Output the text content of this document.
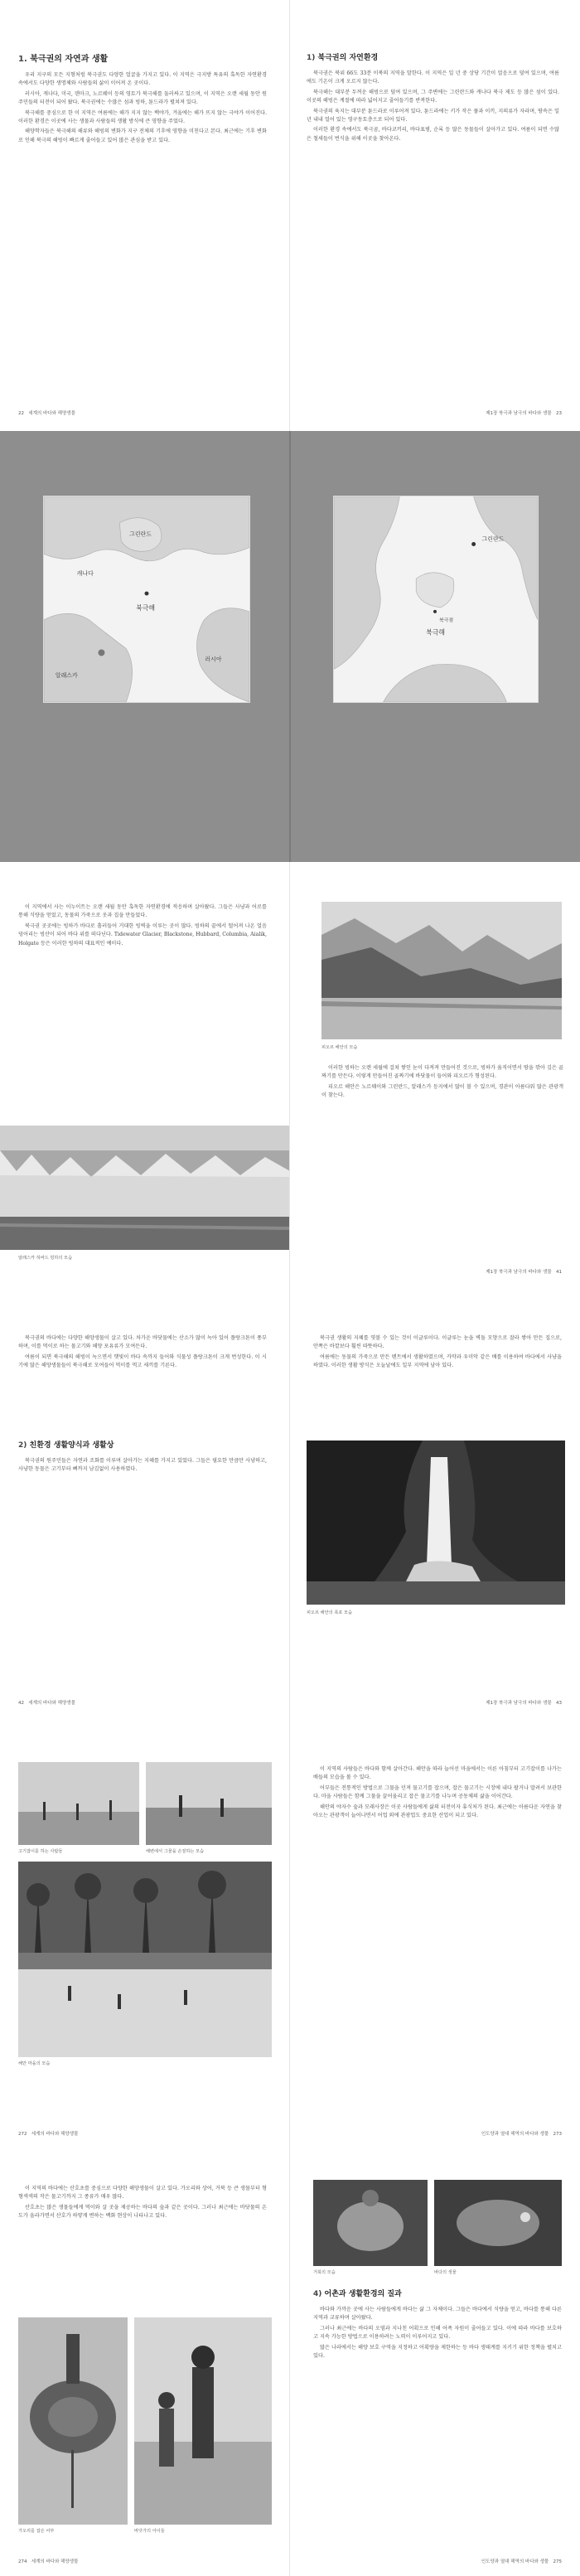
1. 북극권의 자연과 생활

우리 지구의 모든 지형처럼 북극권도 다양한 얼굴을 가지고 있다. 이 지역은 극지방 특유의 혹독한 자연환경 속에서도 다양한 생명체와 사람들의 삶이 이어져 온 곳이다.

러시아, 캐나다, 미국, 덴마크, 노르웨이 등의 영토가 북극해를 둘러싸고 있으며, 이 지역은 오랜 세월 동안 원주민들의 터전이 되어 왔다. 북극권에는 수많은 섬과 빙하, 툰드라가 펼쳐져 있다.

북극해를 중심으로 한 이 지역은 여름에는 해가 지지 않는 백야가, 겨울에는 해가 뜨지 않는 극야가 이어진다. 이러한 환경은 이곳에 사는 생물과 사람들의 생활 방식에 큰 영향을 주었다.

해양학자들은 북극해의 해류와 해빙의 변화가 지구 전체의 기후에 영향을 미친다고 본다. 최근에는 기후 변화로 인해 북극의 해빙이 빠르게 줄어들고 있어 많은 관심을 받고 있다.

22 세계의 바다와 해양생물
1) 북극권의 자연환경

북극권은 북위 66도 33분 이북의 지역을 말한다. 이 지역은 일 년 중 상당 기간이 얼음으로 덮여 있으며, 여름에도 기온이 크게 오르지 않는다.

북극해는 대부분 두꺼운 해빙으로 덮여 있으며, 그 주변에는 그린란드와 캐나다 북극 제도 등 많은 섬이 있다. 이곳의 해빙은 계절에 따라 넓어지고 줄어들기를 반복한다.

북극권의 육지는 대부분 툰드라로 이루어져 있다. 툰드라에는 키가 작은 풀과 이끼, 지의류가 자라며, 땅속은 일 년 내내 얼어 있는 영구동토층으로 되어 있다.

이러한 환경 속에서도 북극곰, 바다코끼리, 바다표범, 순록 등 많은 동물들이 살아가고 있다. 여름이 되면 수많은 철새들이 번식을 위해 이곳을 찾아온다.

제1장 북극과 남극의 바다와 생물 23
북극해
그린란드
알래스카
캐나다
러시아
북극해
그린란드
북극점

이 지역에서 사는 이누이트는 오랜 세월 동안 혹독한 자연환경에 적응하며 살아왔다. 그들은 사냥과 어로를 통해 식량을 얻었고, 동물의 가죽으로 옷과 집을 만들었다.

북극권 곳곳에는 빙하가 바다로 흘러들어 거대한 빙벽을 이루는 곳이 많다. 빙하의 끝에서 떨어져 나온 얼음 덩어리는 빙산이 되어 바다 위를 떠다닌다. Tidewater Glacier, Blackstone, Hubbard, Columbia, Aialik, Holgate 등은 이러한 빙하의 대표적인 예이다.

알래스카 허바드 빙하의 모습
피오르 해안의 모습

이러한 빙하는 오랜 세월에 걸쳐 쌓인 눈이 다져져 만들어진 것으로, 빙하가 움직이면서 땅을 깎아 깊은 골짜기를 만든다. 이렇게 만들어진 골짜기에 바닷물이 들어와 피오르가 형성된다.

피오르 해안은 노르웨이와 그린란드, 알래스카 등지에서 많이 볼 수 있으며, 경관이 아름다워 많은 관광객이 찾는다.

제1장 북극과 남극의 바다와 생물 41

북극권의 바다에는 다양한 해양생물이 살고 있다. 차가운 바닷물에는 산소가 많이 녹아 있어 플랑크톤이 풍부하며, 이를 먹이로 하는 물고기와 해양 포유류가 모여든다.

여름이 되면 북극해의 해빙이 녹으면서 햇빛이 바다 속까지 들어와 식물성 플랑크톤이 크게 번성한다. 이 시기에 많은 해양생물들이 북극해로 모여들어 먹이를 먹고 새끼를 기른다.

2) 친환경 생활양식과 생활상

북극권의 원주민들은 자연과 조화를 이루며 살아가는 지혜를 가지고 있었다. 그들은 필요한 만큼만 사냥하고, 사냥한 동물은 고기부터 뼈까지 남김없이 사용하였다.

42 세계의 바다와 해양생물

북극권 생활의 지혜를 엿볼 수 있는 것이 이글루이다. 이글루는 눈을 벽돌 모양으로 잘라 쌓아 만든 집으로, 안쪽은 바깥보다 훨씬 따뜻하다.

여름에는 동물의 가죽으로 만든 텐트에서 생활하였으며, 카약과 우미악 같은 배를 이용하여 바다에서 사냥을 하였다. 이러한 생활 방식은 오늘날에도 일부 지역에 남아 있다.

피오르 해안의 폭포 모습
제1장 북극과 남극의 바다와 생물 43
고기잡이를 하는 사람들	해변에서 그물을 손질하는 모습
해안 마을의 모습
272 세계의 바다와 해양생물

이 지역의 사람들은 바다와 함께 살아간다. 해안을 따라 늘어선 마을에서는 이른 아침부터 고기잡이를 나가는 배들의 모습을 볼 수 있다.

어부들은 전통적인 방법으로 그물을 던져 물고기를 잡으며, 잡은 물고기는 시장에 내다 팔거나 말려서 보관한다. 마을 사람들은 함께 그물을 끌어올리고 잡은 물고기를 나누며 공동체의 삶을 이어간다.

해안의 야자수 숲과 모래사장은 이곳 사람들에게 삶의 터전이자 휴식처가 된다. 최근에는 아름다운 자연을 찾아오는 관광객이 늘어나면서 어업 외에 관광업도 중요한 산업이 되고 있다.

인도양과 열대 해역의 바다와 생물 273

이 지역의 바다에는 산호초를 중심으로 다양한 해양생물이 살고 있다. 가오리와 상어, 거북 등 큰 생물부터 형형색색의 작은 물고기까지 그 종류가 매우 많다.

산호초는 많은 생물들에게 먹이와 살 곳을 제공하는 바다의 숲과 같은 곳이다. 그러나 최근에는 바닷물의 온도가 올라가면서 산호가 하얗게 변하는 백화 현상이 나타나고 있다.

가오리를 잡은 어부	바닷가의 아이들
274 세계의 바다와 해양생물
거북의 모습	바다의 생물
4) 어촌과 생활환경의 질과

바다와 가까운 곳에 사는 사람들에게 바다는 삶 그 자체이다. 그들은 바다에서 식량을 얻고, 바다를 통해 다른 지역과 교류하며 살아왔다.

그러나 최근에는 바다의 오염과 지나친 어획으로 인해 어족 자원이 줄어들고 있다. 이에 따라 바다를 보호하고 지속 가능한 방법으로 이용하려는 노력이 이루어지고 있다.

많은 나라에서는 해양 보호 구역을 지정하고 어획량을 제한하는 등 바다 생태계를 지키기 위한 정책을 펼치고 있다.

인도양과 열대 해역의 바다와 생물 275
